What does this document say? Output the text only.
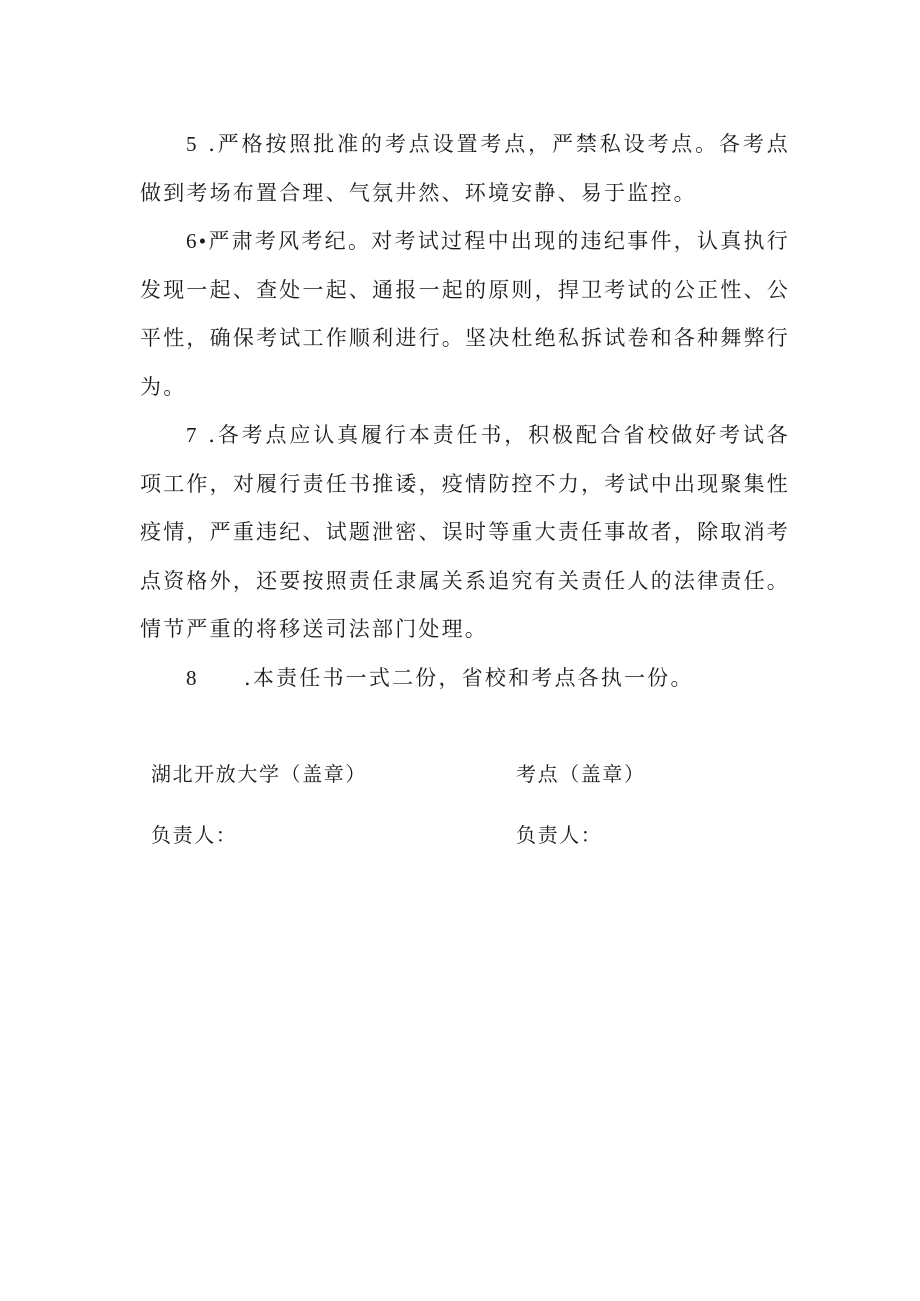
5 .严格按照批准的考点设置考点，严禁私设考点。各考点做到考场布置合理、气氛井然、环境安静、易于监控。

6•严肃考风考纪。对考试过程中出现的违纪事件，认真执行发现一起、查处一起、通报一起的原则，捍卫考试的公正性、公平性，确保考试工作顺利进行。坚决杜绝私拆试卷和各种舞弊行为。

7 .各考点应认真履行本责任书，积极配合省校做好考试各项工作，对履行责任书推诿，疫情防控不力，考试中出现聚集性疫情，严重违纪、试题泄密、误时等重大责任事故者，除取消考点资格外，还要按照责任隶属关系追究有关责任人的法律责任。情节严重的将移送司法部门处理。

8 .本责任书一式二份，省校和考点各执一份。

湖北开放大学（盖章）	考点（盖章）
负责人：	负责人：
